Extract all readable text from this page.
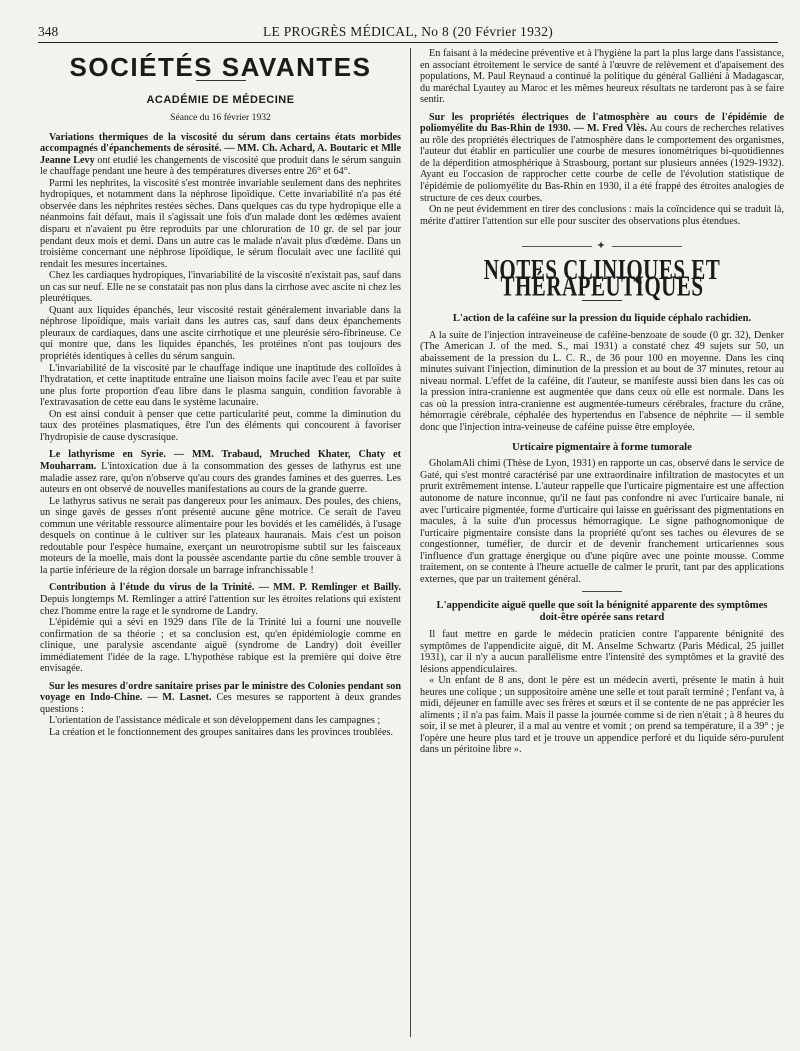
348	LE PROGRÈS MÉDICAL, No 8 (20 Février 1932)
SOCIÉTÉS SAVANTES
ACADÉMIE DE MÉDECINE
Séance du 16 février 1932

Variations thermiques de la viscosité du sérum dans certains états morbides accompagnés d'épanchements de sérosité. — MM. Ch. Achard, A. Boutaric et Mlle Jeanne Levy ont etudié les changements de viscosité que produit dans le sérum sanguin le chauffage pendant une heure à des températures diverses entre 26° et 64°.

Parmi les nephrites, la viscosité s'est montrée invariable seulement dans des nephrites hydropiques, et notamment dans la néphrose lipoïdique. Cette invariabilité n'a pas été observée dans les néphrites restées sèches. Dans quelques cas du type hydropique elle a néanmoins fait défaut, mais il s'agissait une fois d'un malade dont les œdèmes avaient disparu et n'avaient pu être reproduits par une chloruration de 10 gr. de sel par jour pendant deux mois et demi. Dans un autre cas le malade n'avait plus d'œdème. Dans un troisième concernant une néphrose lipoïdique, le sérum floculait avec une facilité qui rendait les mesures incertaines.

Chez les cardiaques hydropiques, l'invariabilité de la viscosité n'existait pas, sauf dans un cas sur neuf. Elle ne se constatait pas non plus dans la cirrhose avec ascite ni chez les pleurétiques.

Quant aux liquides épanchés, leur viscosité restait généralement invariable dans la néphrose lipoïdique, mais variait dans les autres cas, sauf dans deux épanchements pleuraux de cardiaques, dans une ascite cirrhotique et une pleurésie séro-fibrineuse. Ce qui montre que, dans les liquides épanchés, les protéines n'ont pas toujours des propriétés identiques à celles du sérum sanguin.

L'invariabilité de la viscosité par le chauffage indique une inaptitude des colloïdes à l'hydratation, et cette inaptitude entraîne une liaison moins facile avec l'eau et par suite une plus forte proportion d'eau libre dans le plasma sanguin, condition favorable à l'extravasation de cette eau dans le système lacunaire.

On est ainsi conduit à penser que cette particularité peut, comme la diminution du taux des protéines plasmatiques, être l'un des éléments qui concourent à favoriser l'hydropisie de cause dyscrasique.

Le lathyrisme en Syrie. — MM. Trabaud, Mruched Khater, Chaty et Mouharram. L'intoxication due à la consommation des gesses de lathyrus est une maladie assez rare, qu'on n'observe qu'au cours des grandes famines et des guerres. Les auteurs en ont observé de nouvelles manifestations au cours de la grande guerre.

Le lathyrus sativus ne serait pas dangereux pour les animaux. Des poules, des chiens, un singe gavés de gesses n'ont présenté aucune gêne motrice. Ce serait de l'aveu commun une véritable ressource alimentaire pour les bovidés et les camélidés, à l'usage desquels on continue à le cultiver sur les plateaux hauranais. Mais c'est un poison redoutable pour l'espèce humaine, exerçant un neurotropisme subtil sur les faisceaux moteurs de la moelle, mais dont la poussée ascendante partie du cône semble trouver à la partie inférieure de la région dorsale un barrage infranchissable !

Contribution à l'étude du virus de la Trinité. — MM. P. Remlinger et Bailly. Depuis longtemps M. Remlinger a attiré l'attention sur les étroites relations qui existent chez l'homme entre la rage et le syndrome de Landry.

L'épidémie qui a sévi en 1929 dans l'île de la Trinité lui a fourni une nouvelle confirmation de sa théorie ; et sa conclusion est, qu'en épidémiologie comme en clinique, une paralysie ascendante aiguë (syndrome de Landry) doit éveiller immédiatement l'idée de la rage. L'hypothèse rabique est la première qui doive être envisagée.

Sur les mesures d'ordre sanitaire prises par le ministre des Colonies pendant son voyage en Indo-Chine. — M. Lasnet. Ces mesures se rapportent à deux grandes questions :

L'orientation de l'assistance médicale et son développement dans les campagnes ;

La création et le fonctionnement des groupes sanitaires dans les provinces troublées.

En faisant à la médecine préventive et à l'hygiène la part la plus large dans l'assistance, en associant étroitement le service de santé à l'œuvre de relèvement et d'apaisement des populations, M. Paul Reynaud a continué la politique du général Galliéni à Madagascar, du maréchal Lyautey au Maroc et les mêmes heureux résultats ne tarderont pas à se faire sentir.

Sur les propriétés électriques de l'atmosphère au cours de l'épidémie de poliomyélite du Bas-Rhin de 1930. — M. Fred Vlès. Au cours de recherches relatives au rôle des propriétés électriques de l'atmosphère dans le comportement des organismes, l'auteur dut établir en particulier une courbe de mesures ionométriques bi-quotidiennes de la déperdition atmosphérique à Strasbourg, portant sur plusieurs années (1929-1932). Ayant eu l'occasion de rapprocher cette courbe de celle de l'évolution statistique de l'épidémie de poliomyélite du Bas-Rhin en 1930, il a été frappé des étroites analogies de structure de ces deux courbes.

On ne peut évidemment en tirer des conclusions : mais la coïncidence qui se traduit là, mérite d'attirer l'attention sur elle pour susciter des observations plus étendues.

✦
NOTES CLINIQUES ET THÉRAPEUTIQUES
L'action de la caféine sur la pression du liquide céphalo rachidien.

A la suite de l'injection intraveineuse de caféine-benzoate de soude (0 gr. 32), Denker (The American J. of the med. S., mai 1931) a constaté chez 49 sujets sur 50, un abaissement de la pression du L. C. R., de 36 pour 100 en moyenne. Dans les cinq minutes suivant l'injection, diminution de la pression et au bout de 37 minutes, retour au niveau normal. L'effet de la caféine, dit l'auteur, se manifeste aussi bien dans les cas où la pression intra-cranienne est augmentée que dans ceux où elle est normale. Dans les cas où la pression intra-cranienne est augmentée-tumeurs cérébrales, fracture du crâne, hémorragie cérébrale, céphalée des hypertendus en l'absence de néphrite — il semble donc que l'injection intra-veineuse de caféine puisse être employée.

Urticaire pigmentaire à forme tumorale

GholamAli chimi (Thèse de Lyon, 1931) en rapporte un cas, observé dans le service de Gaté, qui s'est montré caractérisé par une extraordinaire infiltration de mastocytes et un prurit extrêmement intense. L'auteur rappelle que l'urticaire pigmentaire est une affection autonome de nature inconnue, qu'il ne faut pas confondre ni avec l'urticaire banale, ni avec l'urticaire pigmentée, forme d'urticaire qui laisse en guérissant des pigmentations en macules, à la suite d'un processus hémorragique. Le signe pathognomonique de l'urticaire pigmentaire consiste dans la propriété qu'ont ses taches ou élevures de se congestionner, tuméfier, de durcir et de devenir franchement urticariennes sous l'influence d'un grattage énergique ou d'une piqûre avec une pointe mousse. Comme traitement, on se contente à l'heure actuelle de calmer le prurit, tant par des applications externes, que par un traitement général.

L'appendicite aiguë quelle que soit la bénignité apparente des symptômes doit-être opérée sans retard

Il faut mettre en garde le médecin praticien contre l'apparente bénignité des symptômes de l'appendicite aiguë, dit M. Anselme Schwartz (Paris Médical, 25 juillet 1931), car il n'y a aucun parallélisme entre l'intensité des symptômes et la gravité des lésions appendiculaires.

« Un enfant de 8 ans, dont le père est un médecin averti, présente le matin à huit heures une colique ; un suppositoire amène une selle et tout paraît terminé ; l'enfant va, à midi, déjeuner en famille avec ses frères et sœurs et il se contente de ne pas apprécier les aliments ; il n'a pas faim. Mais il passe la journée comme si de rien n'était ; à 8 heures du soir, il se met à pleurer, il a mal au ventre et vomit ; on prend sa température, il a 39° ; je l'opère une heure plus tard et je trouve un appendice perforé et du liquide séro-purulent dans un péritoine libre ».
